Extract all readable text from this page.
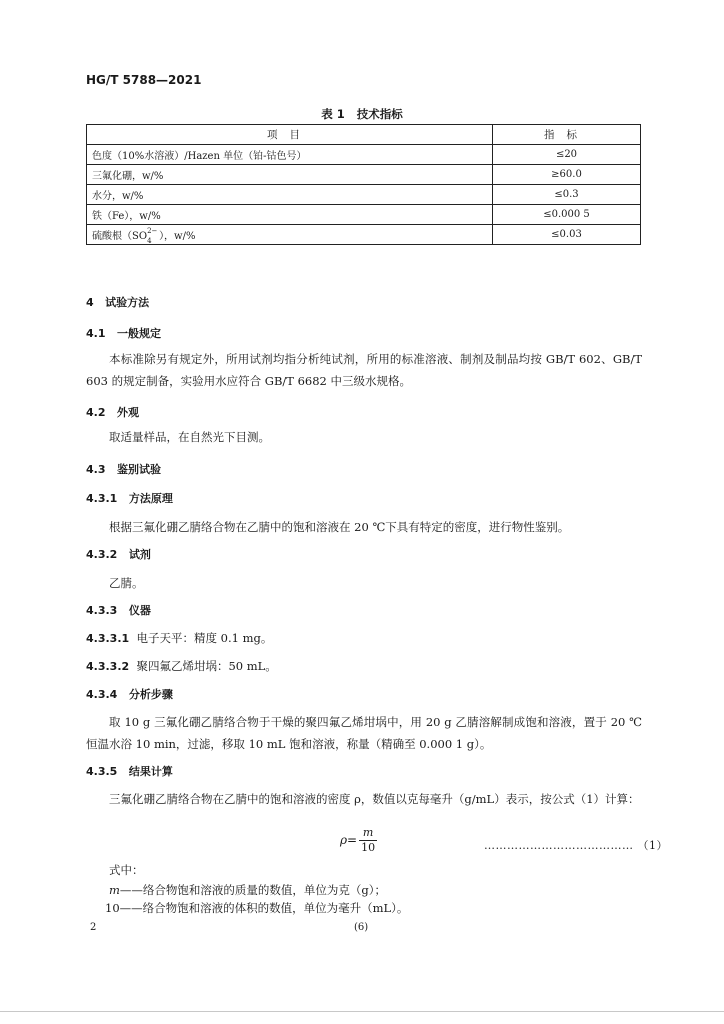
HG/T 5788—2021
表 1   技术指标
项目	指标
色度（10%水溶液）/Hazen 单位（铂-钴色号）	≤20
三氟化硼，w/%	≥60.0
水分，w/%	≤0.3
铁（Fe），w/%	≤0.000 5
硫酸根（SO
2−
4 ），w/%	≤0.03
4 试验方法
4.1 一般规定
本标准除另有规定外，所用试剂均指分析纯试剂，所用的标准溶液、制剂及制品均按 GB/T 602、GB/T 603 的规定制备，实验用水应符合 GB/T 6682 中三级水规格。
4.2 外观
取适量样品，在自然光下目测。
4.3 鉴别试验
4.3.1 方法原理
根据三氟化硼乙腈络合物在乙腈中的饱和溶液在 20 ℃下具有特定的密度，进行物性鉴别。
4.3.2 试剂
乙腈。
4.3.3 仪器
4.3.3.1 电子天平：精度 0.1 mg。
4.3.3.2 聚四氟乙烯坩埚：50 mL。
4.3.4 分析步骤
取 10 g 三氟化硼乙腈络合物于干燥的聚四氟乙烯坩埚中，用 20 g 乙腈溶解制成饱和溶液，置于 20 ℃恒温水浴 10 min，过滤，移取 10 mL 饱和溶液，称量（精确至 0.000 1 g）。
4.3.5 结果计算
三氟化硼乙腈络合物在乙腈中的饱和溶液的密度 ρ，数值以克每毫升（g/mL）表示，按公式（1）计算：
$\rho= \frac{m}{10}$	………………………………… （1）
式中：
m——络合物饱和溶液的质量的数值，单位为克（g）；
10——络合物饱和溶液的体积的数值，单位为毫升（mL）。
2	(6)
